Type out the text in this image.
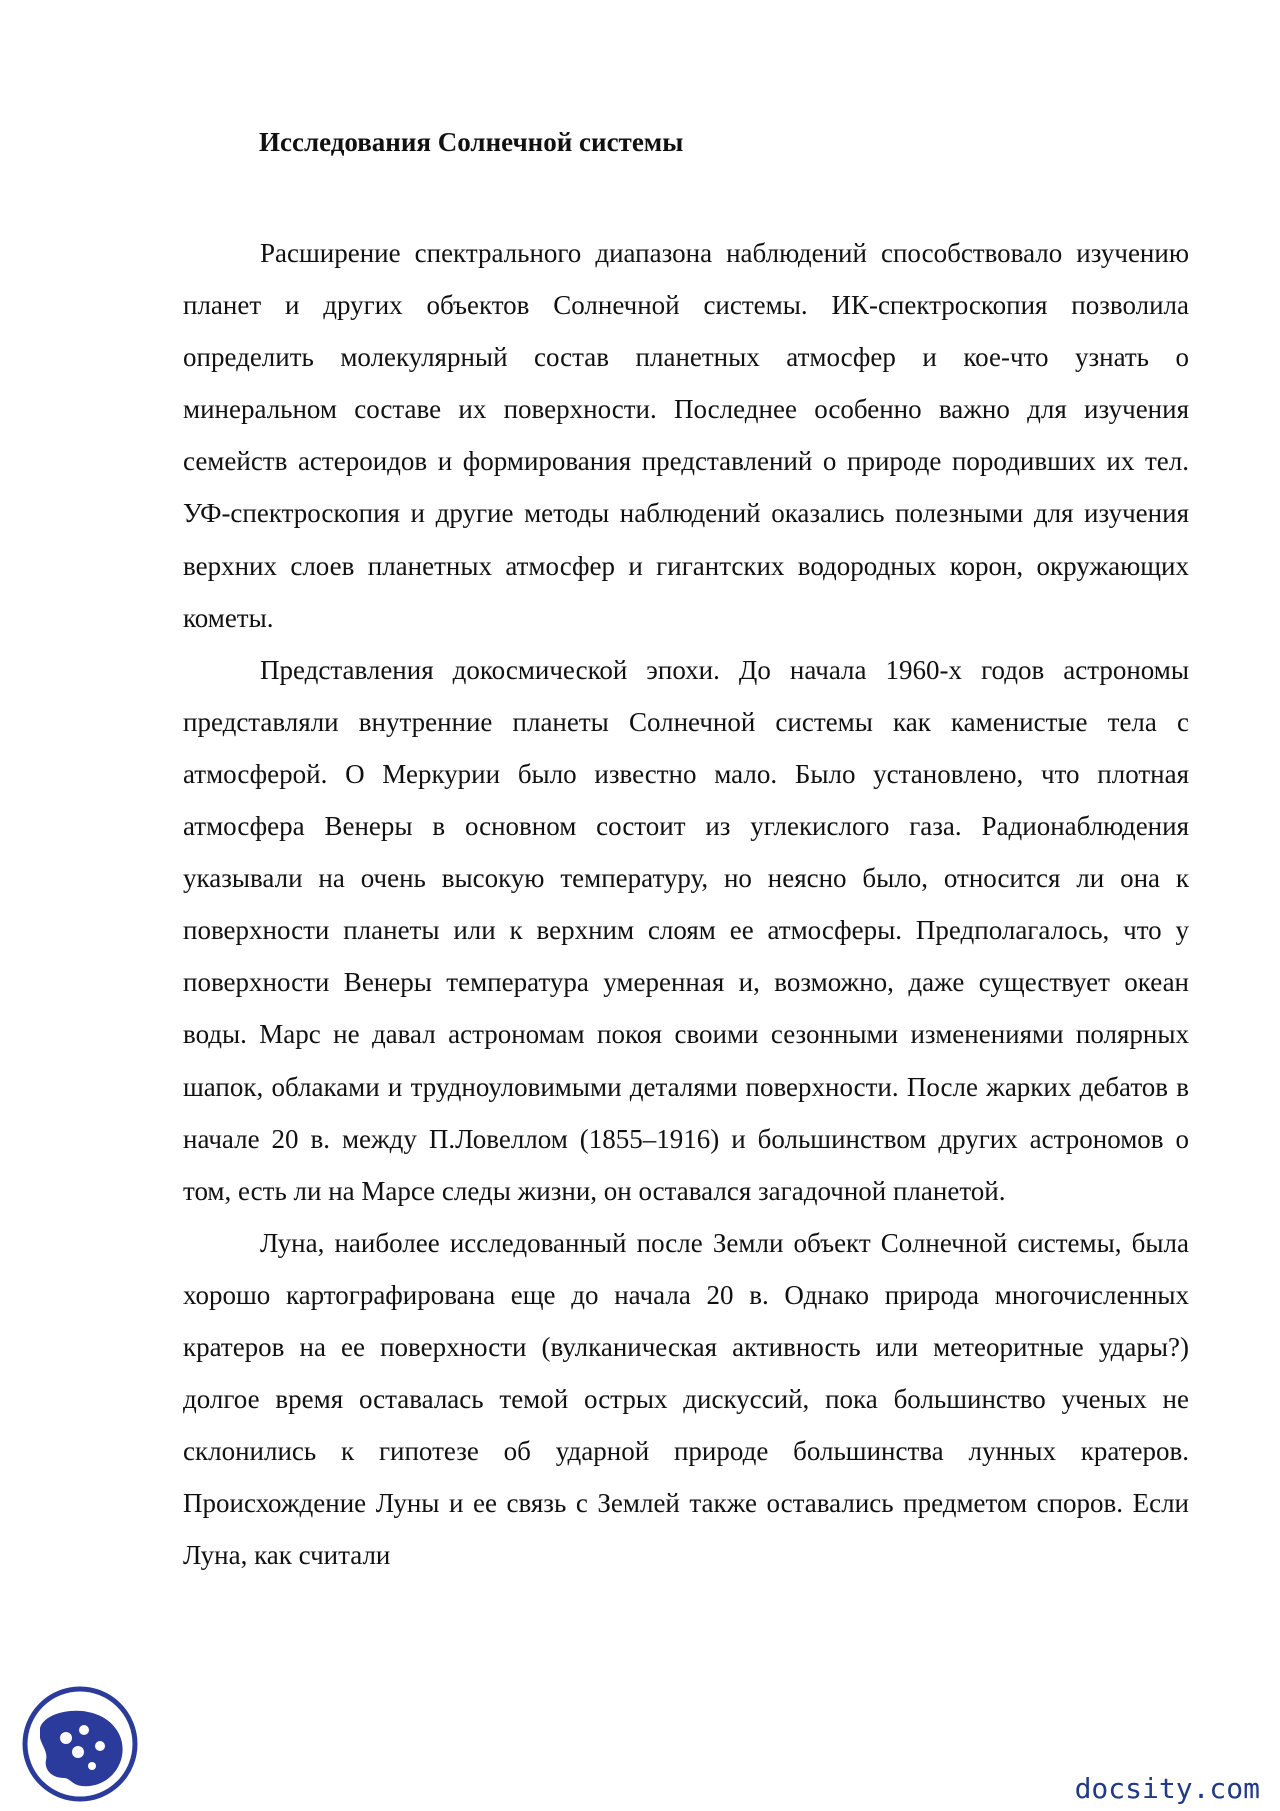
Исследования Солнечной системы

Расширение спектрального диапазона наблюдений способствовало изучению планет и других объектов Солнечной системы. ИК-спектроскопия позволила определить молекулярный состав планетных атмосфер и кое-что узнать о минеральном составе их поверхности. Последнее особенно важно для изучения семейств астероидов и формирования представлений о природе породивших их тел. УФ-спектроскопия и другие методы наблюдений оказались полезными для изучения верхних слоев планетных атмосфер и гигантских водородных корон, окружающих кометы.

Представления докосмической эпохи. До начала 1960-х годов астрономы представляли внутренние планеты Солнечной системы как каменистые тела с атмосферой. О Меркурии было известно мало. Было установлено, что плотная атмосфера Венеры в основном состоит из углекислого газа. Радионаблюдения указывали на очень высокую температуру, но неясно было, относится ли она к поверхности планеты или к верхним слоям ее атмосферы. Предполагалось, что у поверхности Венеры температура умеренная и, возможно, даже существует океан воды. Марс не давал астрономам покоя своими сезонными изменениями полярных шапок, облаками и трудноуловимыми деталями поверхности. После жарких дебатов в начале 20 в. между П.Ловеллом (1855–1916) и большинством других астрономов о том, есть ли на Марсе следы жизни, он оставался загадочной планетой.

Луна, наиболее исследованный после Земли объект Солнечной системы, была хорошо картографирована еще до начала 20 в. Однако природа многочисленных кратеров на ее поверхности (вулканическая активность или метеоритные удары?) долгое время оставалась темой острых дискуссий, пока большинство ученых не склонились к гипотезе об ударной природе большинства лунных кратеров. Происхождение Луны и ее связь с Землей также оставались предметом споров. Если Луна, как считали

docsity.com
